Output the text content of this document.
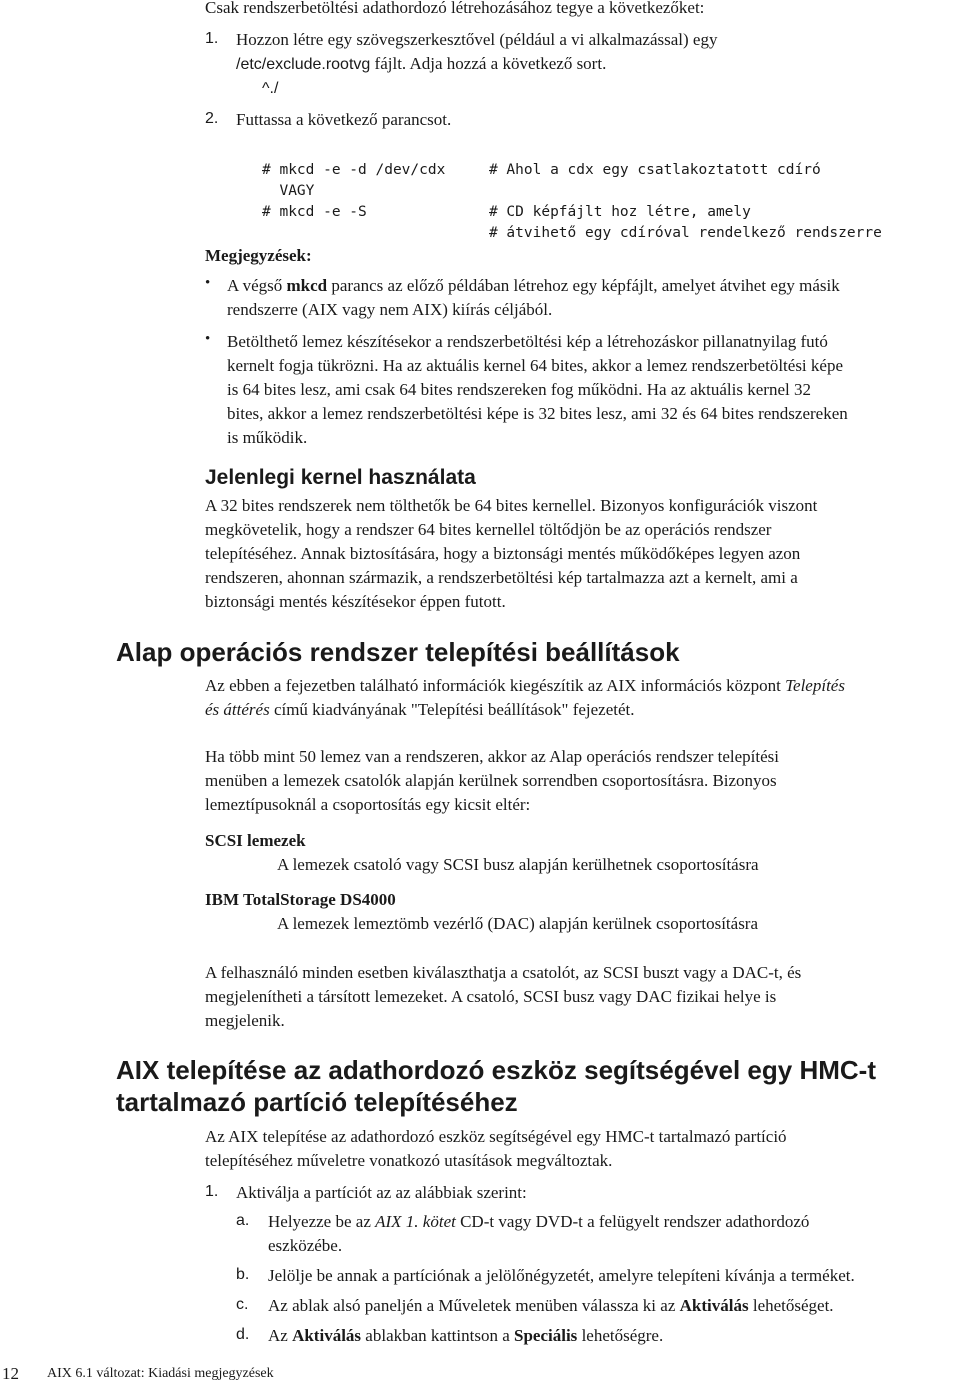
Csak rendszerbetöltési adathordozó létrehozásához tegye a következőket:

1. Hozzon létre egy szövegszerkesztővel (például a vi alkalmazással) egy
/etc/exclude.rootvg fájlt. Adja hozzá a következő sort.

^./
2. Futtassa a következő parancsot.

# mkcd -e -d /dev/cdx     # Ahol a cdx egy csatlakoztatott cdíró
VAGY
# mkcd -e -S              # CD képfájlt hoz létre, amely
# átvihető egy cdíróval rendelkező rendszerre

Megjegyzések:

• A végső mkcd parancs az előző példában létrehoz egy képfájlt, amelyet átvihet egy másik
rendszerre (AIX vagy nem AIX) kiírás céljából.

• Betölthető lemez készítésekor a rendszerbetöltési kép a létrehozáskor pillanatnyilag futó
kernelt fogja tükrözni. Ha az aktuális kernel 64 bites, akkor a lemez rendszerbetöltési képe
is 64 bites lesz, ami csak 64 bites rendszereken fog működni. Ha az aktuális kernel 32
bites, akkor a lemez rendszerbetöltési képe is 32 bites lesz, ami 32 és 64 bites rendszereken
is működik.

Jelenlegi kernel használata

A 32 bites rendszerek nem tölthetők be 64 bites kernellel. Bizonyos konfigurációk viszont
megkövetelik, hogy a rendszer 64 bites kernellel töltődjön be az operációs rendszer
telepítéséhez. Annak biztosítására, hogy a biztonsági mentés működőképes legyen azon
rendszeren, ahonnan származik, a rendszerbetöltési kép tartalmazza azt a kernelt, ami a
biztonsági mentés készítésekor éppen futott.

Alap operációs rendszer telepítési beállítások

Az ebben a fejezetben található információk kiegészítik az AIX információs központ Telepítés
és áttérés című kiadványának "Telepítési beállítások" fejezetét.

Ha több mint 50 lemez van a rendszeren, akkor az Alap operációs rendszer telepítési
menüben a lemezek csatolók alapján kerülnek sorrendben csoportosításra. Bizonyos
lemeztípusoknál a csoportosítás egy kicsit eltér:

SCSI lemezek

A lemezek csatoló vagy SCSI busz alapján kerülhetnek csoportosításra

IBM TotalStorage DS4000

A lemezek lemeztömb vezérlő (DAC) alapján kerülnek csoportosításra

A felhasználó minden esetben kiválaszthatja a csatolót, az SCSI buszt vagy a DAC-t, és
megjelenítheti a társított lemezeket. A csatoló, SCSI busz vagy DAC fizikai helye is
megjelenik.

AIX telepítése az adathordozó eszköz segítségével egy HMC-t
tartalmazó partíció telepítéséhez

Az AIX telepítése az adathordozó eszköz segítségével egy HMC-t tartalmazó partíció
telepítéséhez műveletre vonatkozó utasítások megváltoztak.

1. Aktiválja a partíciót az az alábbiak szerint:

a. Helyezze be az AIX 1. kötet CD-t vagy DVD-t a felügyelt rendszer adathordozó
eszközébe.

b. Jelölje be annak a partíciónak a jelölőnégyzetét, amelyre telepíteni kívánja a terméket.

c. Az ablak alsó paneljén a Műveletek menüben válassza ki az Aktiválás lehetőséget.

d. Az Aktiválás ablakban kattintson a Speciális lehetőségre.

12 AIX 6.1 változat: Kiadási megjegyzések
